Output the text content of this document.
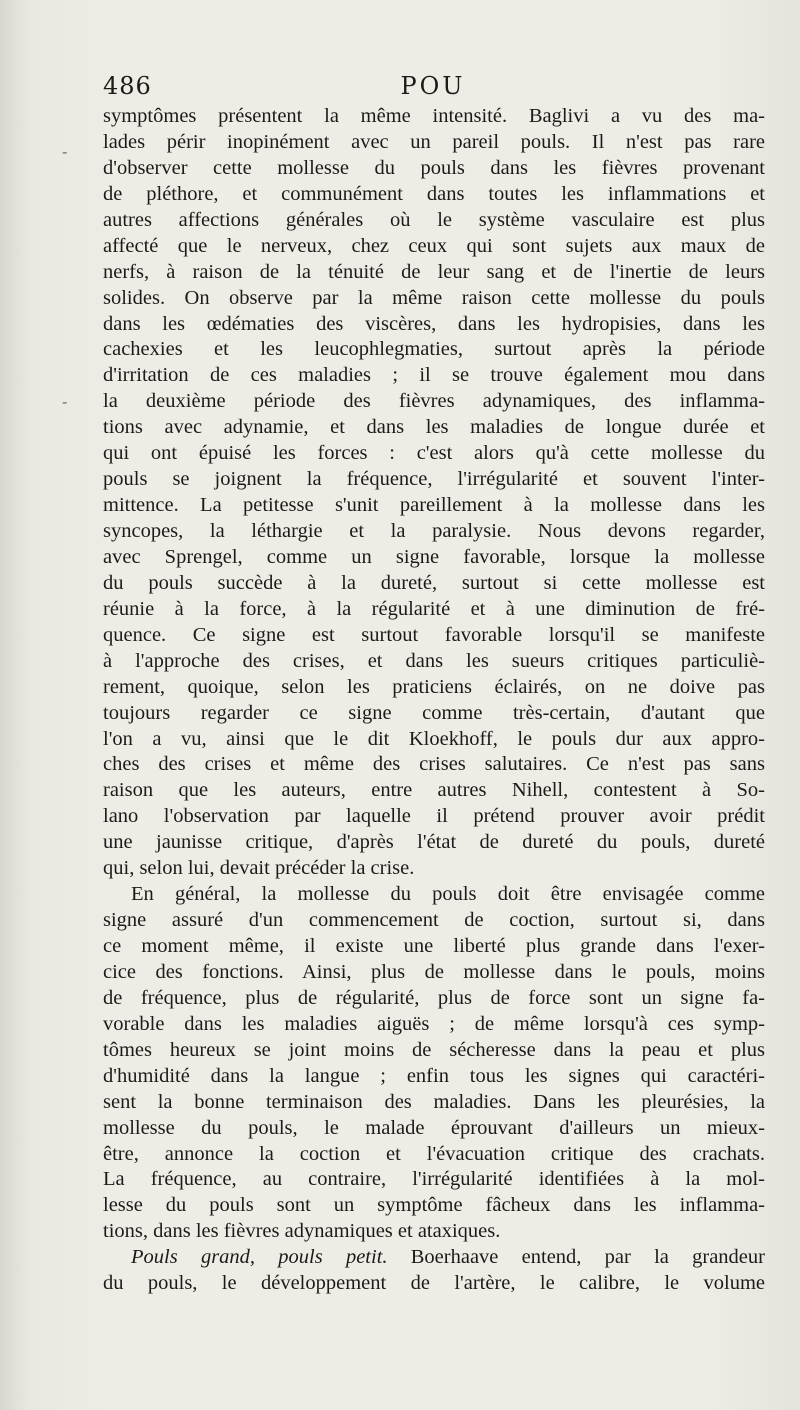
486	POU
-
-
symptômes présentent la même intensité. Baglivi a vu des ma-
lades périr inopinément avec un pareil pouls. Il n'est pas rare
d'observer cette mollesse du pouls dans les fièvres provenant
de pléthore, et communément dans toutes les inflammations et
autres affections générales où le système vasculaire est plus
affecté que le nerveux, chez ceux qui sont sujets aux maux de
nerfs, à raison de la ténuité de leur sang et de l'inertie de leurs
solides. On observe par la même raison cette mollesse du pouls
dans les œdématies des viscères, dans les hydropisies, dans les
cachexies et les leucophlegmaties, surtout après la période
d'irritation de ces maladies ; il se trouve également mou dans
la deuxième période des fièvres adynamiques, des inflamma-
tions avec adynamie, et dans les maladies de longue durée et
qui ont épuisé les forces : c'est alors qu'à cette mollesse du
pouls se joignent la fréquence, l'irrégularité et souvent l'inter-
mittence. La petitesse s'unit pareillement à la mollesse dans les
syncopes, la léthargie et la paralysie. Nous devons regarder,
avec Sprengel, comme un signe favorable, lorsque la mollesse
du pouls succède à la dureté, surtout si cette mollesse est
réunie à la force, à la régularité et à une diminution de fré-
quence. Ce signe est surtout favorable lorsqu'il se manifeste
à l'approche des crises, et dans les sueurs critiques particuliè-
rement, quoique, selon les praticiens éclairés, on ne doive pas
toujours regarder ce signe comme très-certain, d'autant que
l'on a vu, ainsi que le dit Kloekhoff, le pouls dur aux appro-
ches des crises et même des crises salutaires. Ce n'est pas sans
raison que les auteurs, entre autres Nihell, contestent à So-
lano l'observation par laquelle il prétend prouver avoir prédit
une jaunisse critique, d'après l'état de dureté du pouls, dureté
qui, selon lui, devait précéder la crise.
En général, la mollesse du pouls doit être envisagée comme
signe assuré d'un commencement de coction, surtout si, dans
ce moment même, il existe une liberté plus grande dans l'exer-
cice des fonctions. Ainsi, plus de mollesse dans le pouls, moins
de fréquence, plus de régularité, plus de force sont un signe fa-
vorable dans les maladies aiguës ; de même lorsqu'à ces symp-
tômes heureux se joint moins de sécheresse dans la peau et plus
d'humidité dans la langue ; enfin tous les signes qui caractéri-
sent la bonne terminaison des maladies. Dans les pleurésies, la
mollesse du pouls, le malade éprouvant d'ailleurs un mieux-
être, annonce la coction et l'évacuation critique des crachats.
La fréquence, au contraire, l'irrégularité identifiées à la mol-
lesse du pouls sont un symptôme fâcheux dans les inflamma-
tions, dans les fièvres adynamiques et ataxiques.
Pouls grand, pouls petit. Boerhaave entend, par la grandeur
du pouls, le développement de l'artère, le calibre, le volume
